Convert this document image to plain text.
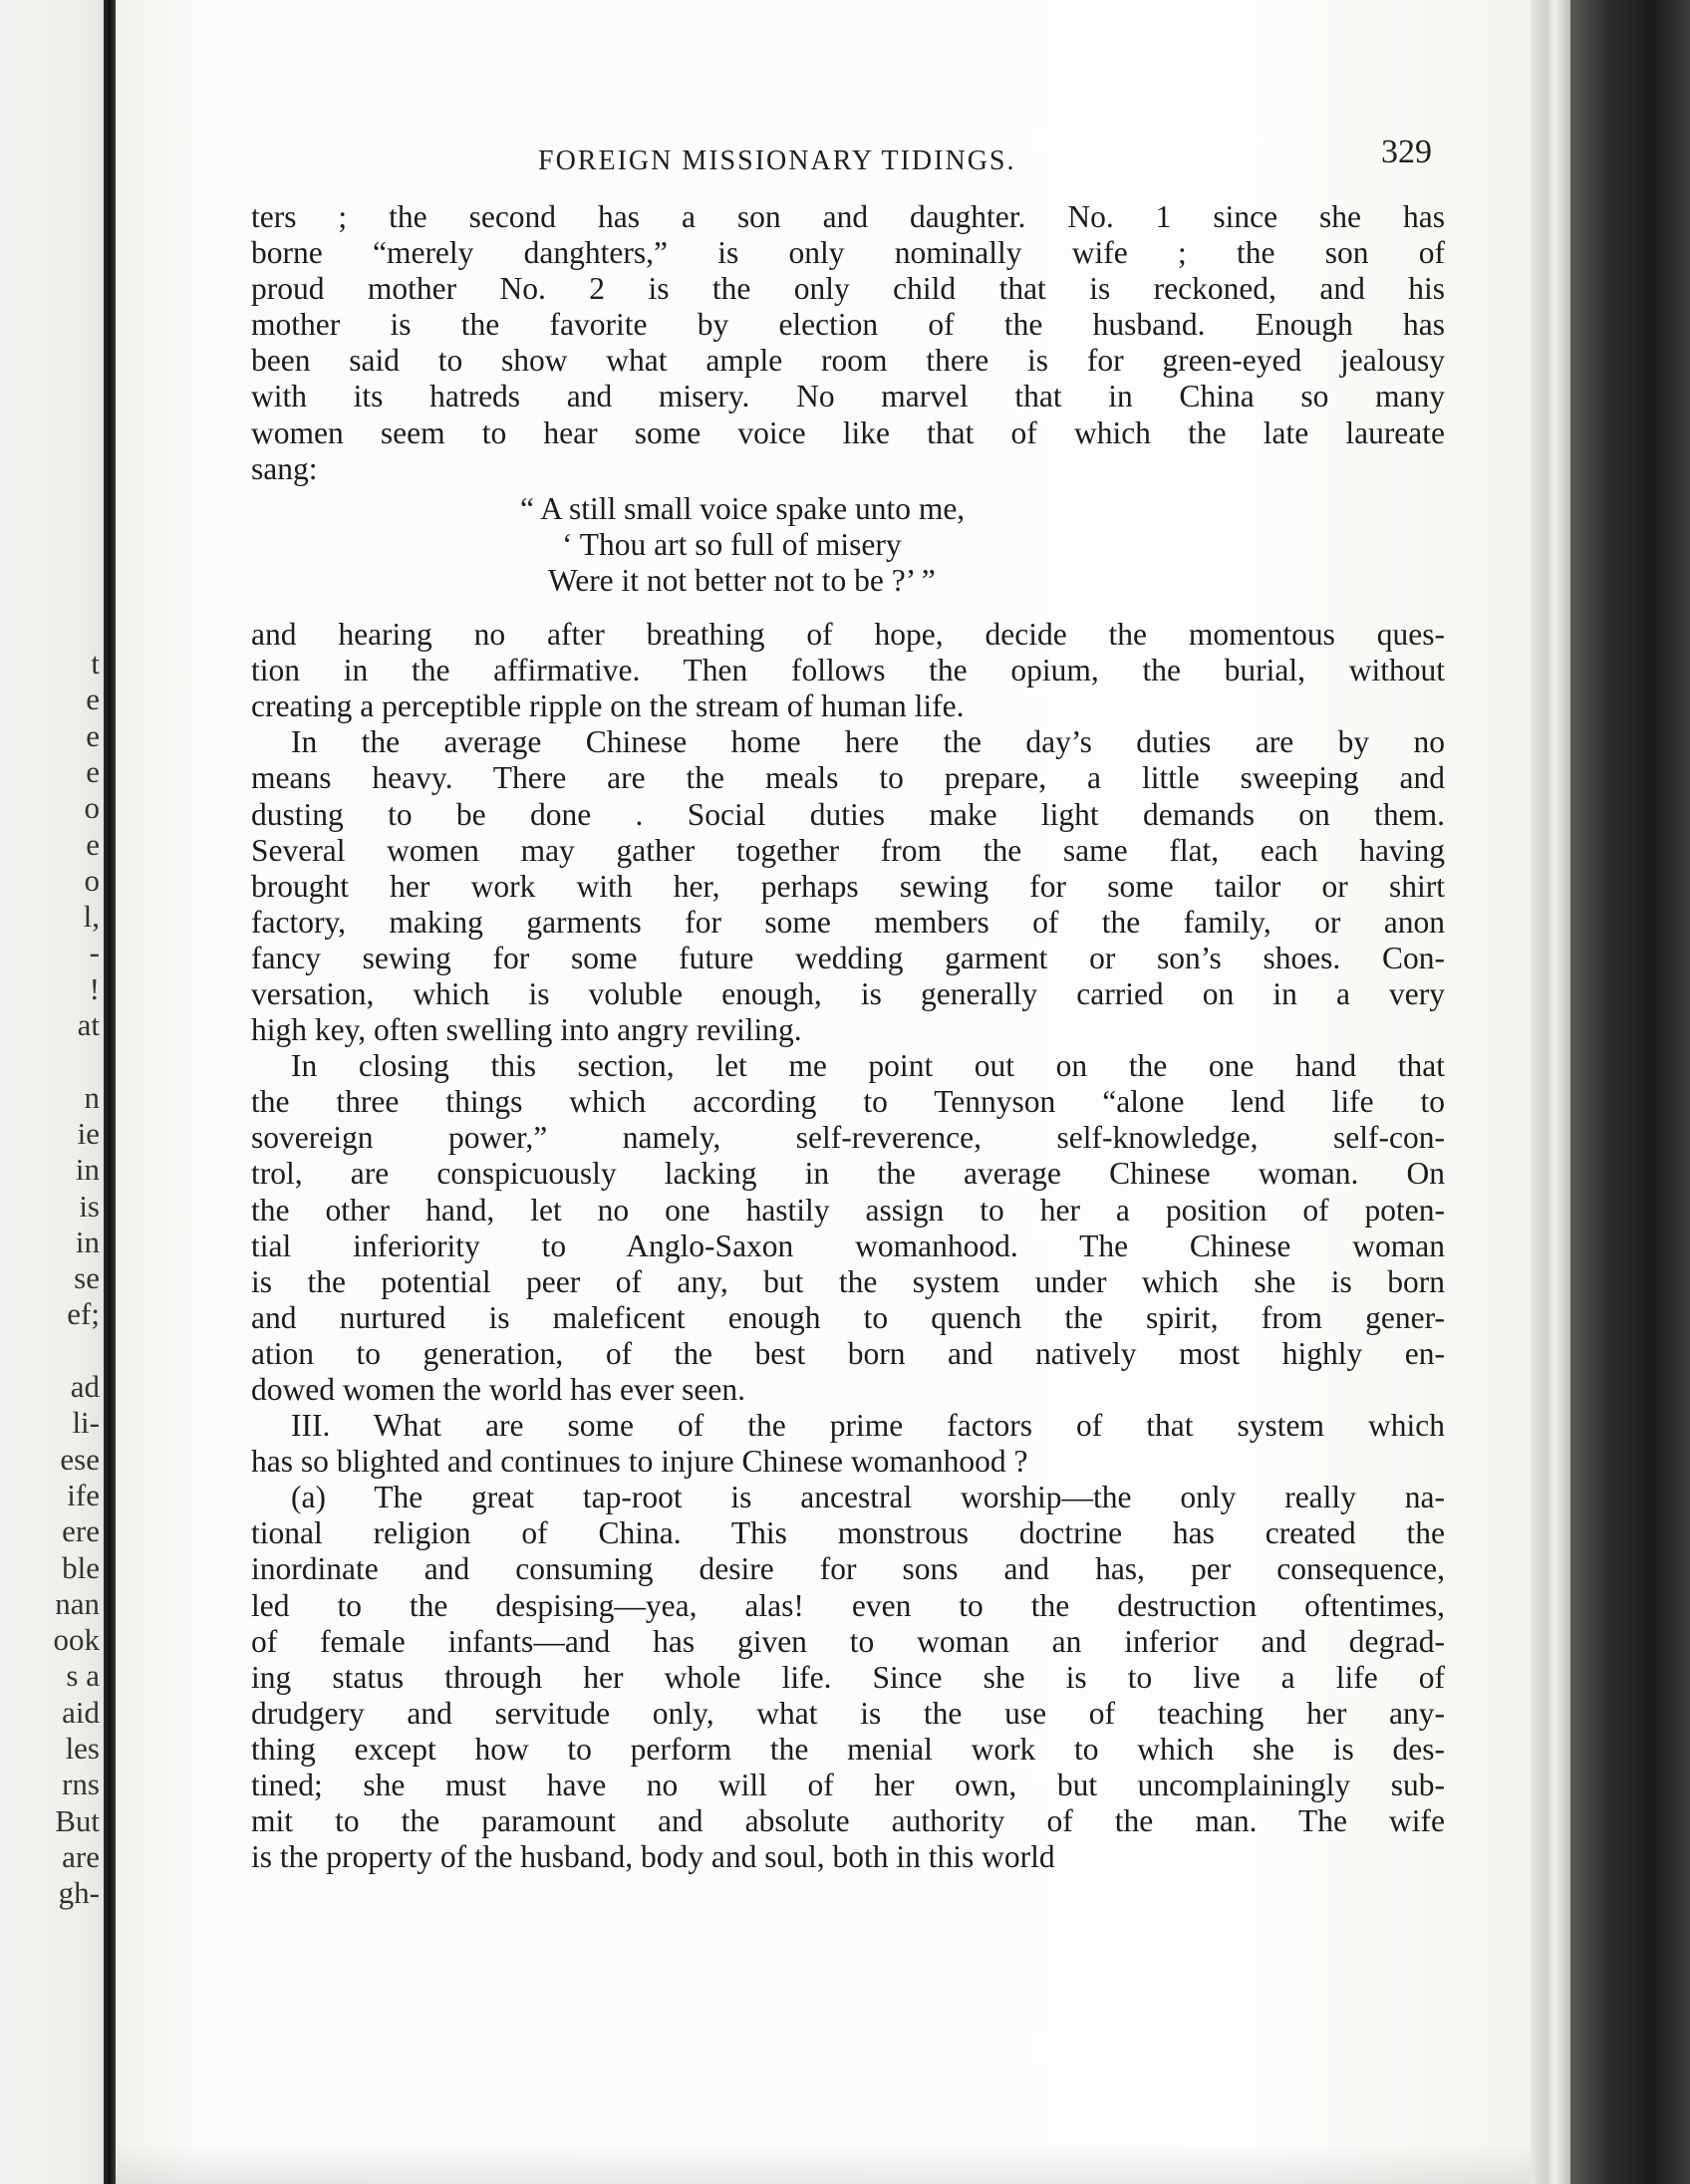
t
e
e
e
o
e
o
l,
-
!
at
n
ie
in
is
in
se
ef;
ad
li-
ese
ife
ere
ble
nan
ook
s a
aid
les
rns
But
are
gh-
FOREIGN MISSIONARY TIDINGS.	329
ters ; the second has a son and daughter. No. 1 since she has
borne “merely danghters,” is only nominally wife ; the son of
proud mother No. 2 is the only child that is reckoned, and his
mother is the favorite by election of the husband. Enough has
been said to show what ample room there is for green-eyed jealousy
with its hatreds and misery. No marvel that in China so many
women seem to hear some voice like that of which the late laureate
sang:
“ A still small voice spake unto me,
‘ Thou art so full of misery
Were it not better not to be ?’ ”
and hearing no after breathing of hope, decide the momentous ques-
tion in the affirmative. Then follows the opium, the burial, without
creating a perceptible ripple on the stream of human life.
In the average Chinese home here the day’s duties are by no
means heavy. There are the meals to prepare, a little sweeping and
dusting to be done . Social duties make light demands on them.
Several women may gather together from the same flat, each having
brought her work with her, perhaps sewing for some tailor or shirt
factory, making garments for some members of the family, or anon
fancy sewing for some future wedding garment or son’s shoes. Con-
versation, which is voluble enough, is generally carried on in a very
high key, often swelling into angry reviling.
In closing this section, let me point out on the one hand that
the three things which according to Tennyson “alone lend life to
sovereign power,” namely, self-reverence, self-knowledge, self-con-
trol, are conspicuously lacking in the average Chinese woman. On
the other hand, let no one hastily assign to her a position of poten-
tial inferiority to Anglo-Saxon womanhood. The Chinese woman
is the potential peer of any, but the system under which she is born
and nurtured is maleficent enough to quench the spirit, from gener-
ation to generation, of the best born and natively most highly en-
dowed women the world has ever seen.
III. What are some of the prime factors of that system which
has so blighted and continues to injure Chinese womanhood ?
(a) The great tap-root is ancestral worship—the only really na-
tional religion of China. This monstrous doctrine has created the
inordinate and consuming desire for sons and has, per consequence,
led to the despising—yea, alas! even to the destruction oftentimes,
of female infants—and has given to woman an inferior and degrad-
ing status through her whole life. Since she is to live a life of
drudgery and servitude only, what is the use of teaching her any-
thing except how to perform the menial work to which she is des-
tined; she must have no will of her own, but uncomplainingly sub-
mit to the paramount and absolute authority of the man. The wife
is the property of the husband, body and soul, both in this world
